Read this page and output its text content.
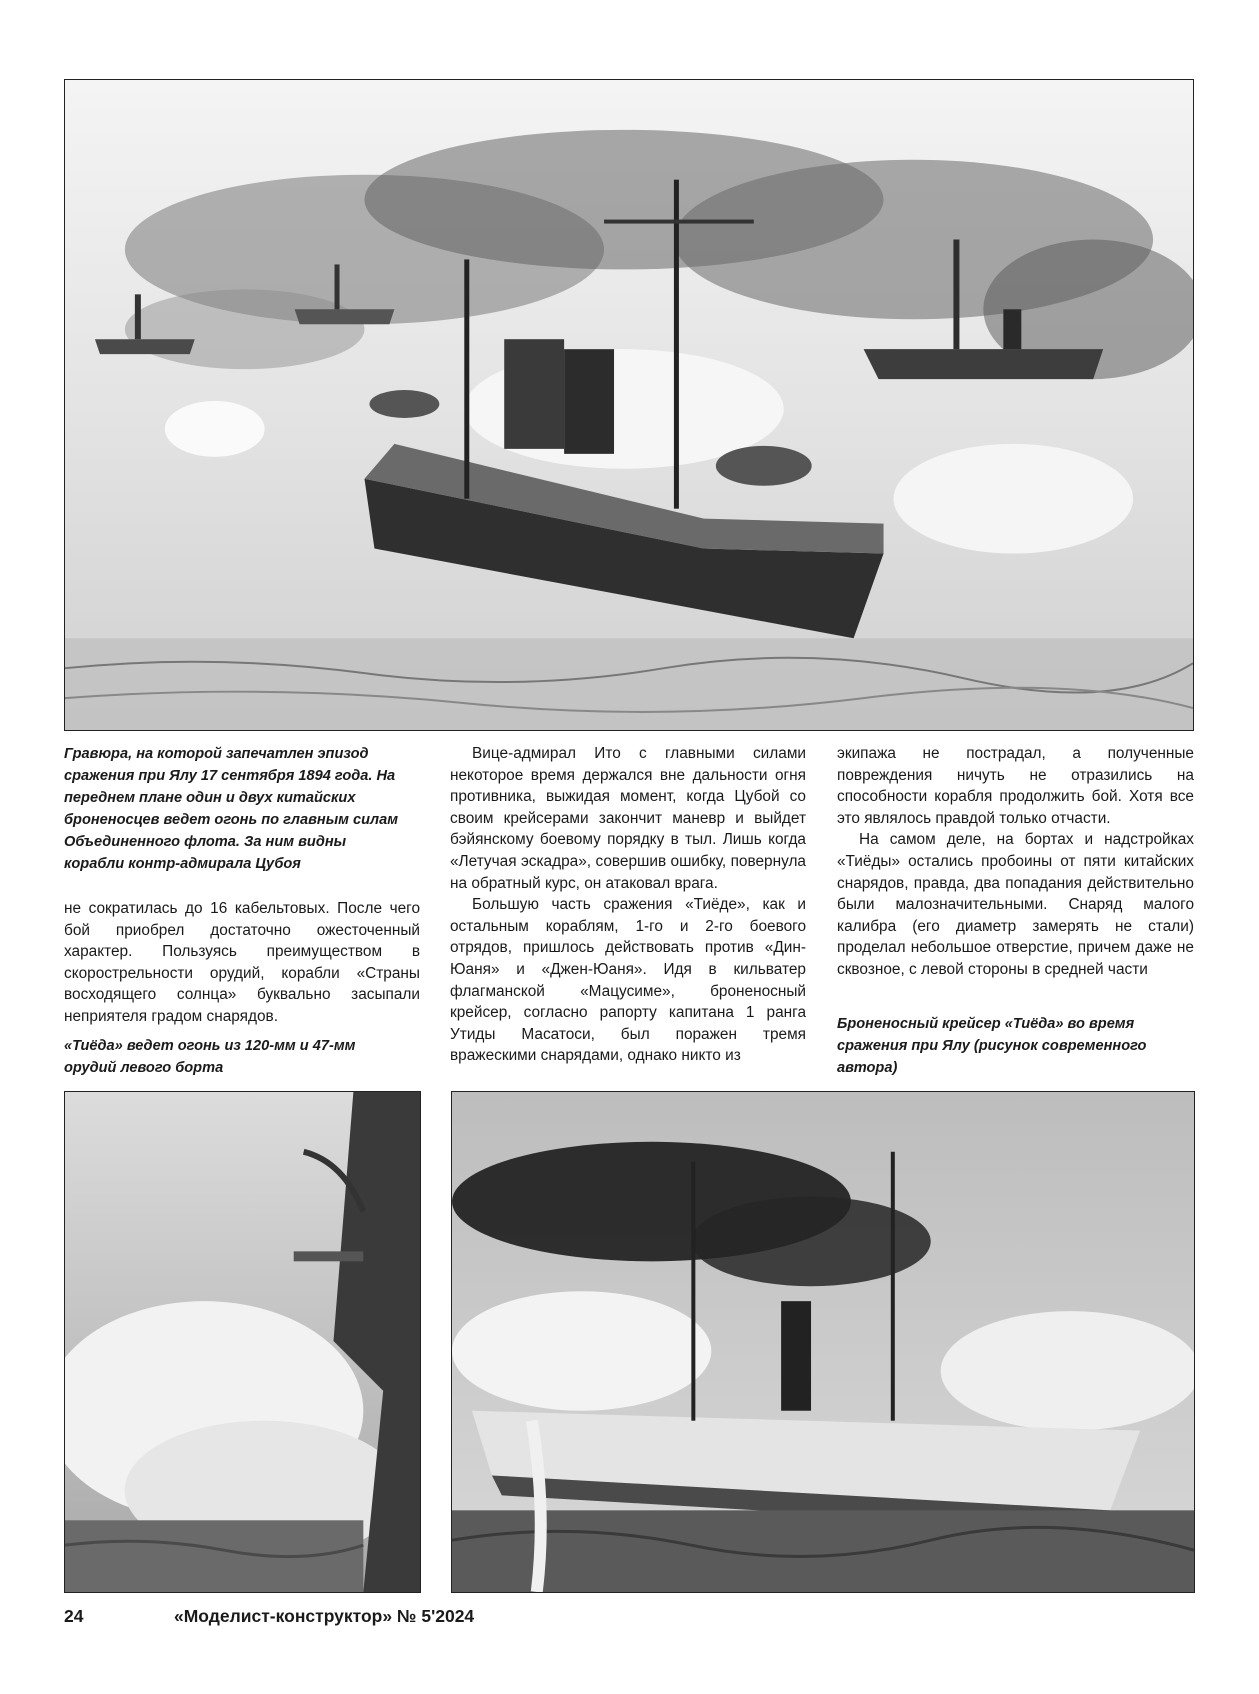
Гравюра, на которой запечатлен эпизод сражения при Ялу 17 сентября 1894 года. На переднем плане один и двух китайских броненосцев ведет огонь по главным силам Объединенного флота. За ним видны корабли контр-адмирала Цубоя

не сократилась до 16 кабельтовых. После чего бой приобрел достаточно ожесточенный характер. Пользуясь преимуществом в скорострельности орудий, корабли «Страны восходящего солнца» буквально засыпали неприятеля градом снарядов.

«Тиёда» ведет огонь из 120-мм и 47-мм орудий левого борта

Вице-адмирал Ито с главными силами некоторое время держался вне дальности огня противника, выжидая момент, когда Цубой со своим крейсерами закончит маневр и выйдет бэйянскому боевому порядку в тыл. Лишь когда «Летучая эскадра», совершив ошибку, повернула на обратный курс, он атаковал врага.

Большую часть сражения «Тиёде», как и остальным кораблям, 1-го и 2-го боевого отрядов, пришлось действовать против «Дин-Юаня» и «Джен-Юаня». Идя в кильватер флагманской «Мацусиме», броненосный крейсер, согласно рапорту капитана 1 ранга Утиды Масатоси, был поражен тремя вражескими снарядами, однако никто из

экипажа не пострадал, а полученные повреждения ничуть не отразились на способности корабля продолжить бой. Хотя все это являлось правдой только отчасти.

На самом деле, на бортах и надстройках «Тиёды» остались пробоины от пяти китайских снарядов, правда, два попадания действительно были малозначительными. Снаряд малого калибра (его диаметр замерять не стали) проделал небольшое отверстие, причем даже не сквозное, с левой стороны в средней части

Броненосный крейсер «Тиёда» во время сражения при Ялу (рисунок современного автора)

24	«Моделист-конструктор» № 5'2024
